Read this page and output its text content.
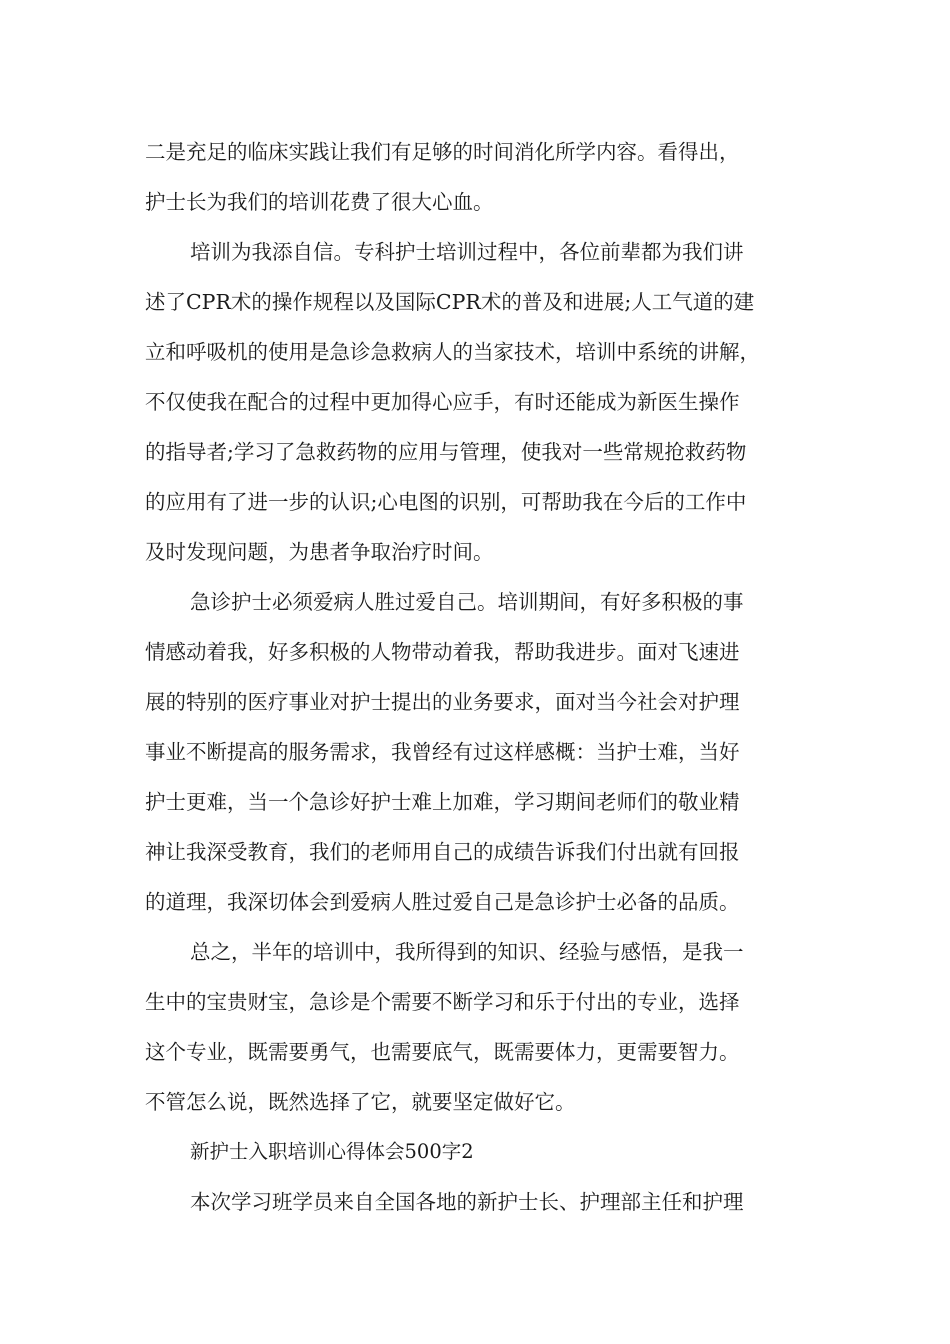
二是充足的临床实践让我们有足够的时间消化所学内容。看得出，
护士长为我们的培训花费了很大心血。
培训为我添自信。专科护士培训过程中，各位前辈都为我们讲
述了CPR术的操作规程以及国际CPR术的普及和进展;人工气道的建
立和呼吸机的使用是急诊急救病人的当家技术，培训中系统的讲解，
不仅使我在配合的过程中更加得心应手，有时还能成为新医生操作
的指导者;学习了急救药物的应用与管理，使我对一些常规抢救药物
的应用有了进一步的认识;心电图的识别，可帮助我在今后的工作中
及时发现问题，为患者争取治疗时间。
急诊护士必须爱病人胜过爱自己。培训期间，有好多积极的事
情感动着我，好多积极的人物带动着我，帮助我进步。面对飞速进
展的特别的医疗事业对护士提出的业务要求，面对当今社会对护理
事业不断提高的服务需求，我曾经有过这样感概：当护士难，当好
护士更难，当一个急诊好护士难上加难，学习期间老师们的敬业精
神让我深受教育，我们的老师用自己的成绩告诉我们付出就有回报
的道理，我深切体会到爱病人胜过爱自己是急诊护士必备的品质。
总之，半年的培训中，我所得到的知识、经验与感悟，是我一
生中的宝贵财宝，急诊是个需要不断学习和乐于付出的专业，选择
这个专业，既需要勇气，也需要底气，既需要体力，更需要智力。
不管怎么说，既然选择了它，就要坚定做好它。
新护士入职培训心得体会500字2
本次学习班学员来自全国各地的新护士长、护理部主任和护理
